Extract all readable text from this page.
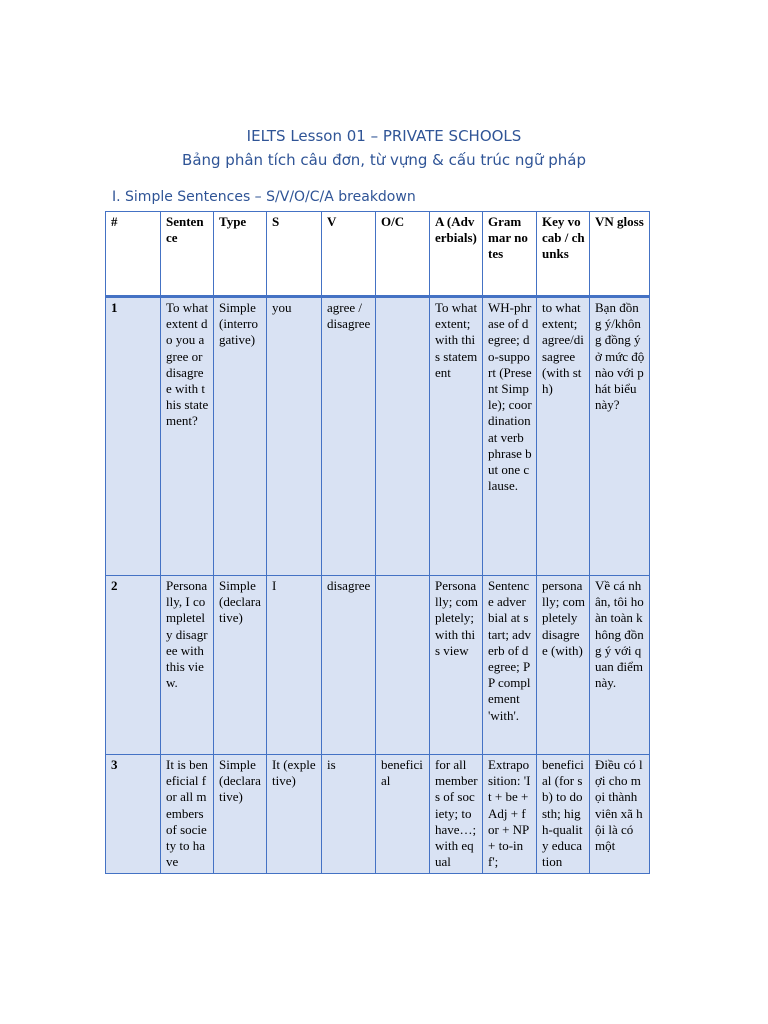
IELTS Lesson 01 – PRIVATE SCHOOLS
Bảng phân tích câu đơn, từ vựng & cấu trúc ngữ pháp
I. Simple Sentences – S/V/O/C/A breakdown
#	Sentence	Type	S	V	O/C	A (Adverbials)	Grammar notes	Key vocab / chunks	VN gloss
1	To what extent do you agree or disagree with this statement?	Simple (interrogative)	you	agree / disagree		To what extent; with this statement	WH-phrase of degree; do-support (Present Simple); coordination at verb phrase but one clause.	to what extent; agree/disagree (with sth)	Bạn đồng ý/không đồng ý ở mức độ nào với phát biểu này?
2	Personally, I completely disagree with this view.	Simple (declarative)	I	disagree		Personally; completely; with this view	Sentence adverbial at start; adverb of degree; PP complement 'with'.	personally; completely disagree (with)	Về cá nhân, tôi hoàn toàn không đồng ý với quan điểm này.
3	It is beneficial for all members of society to have	Simple (declarative)	It (expletive)	is	beneficial	for all members of society; to have…; with equal	Extraposition: 'It + be + Adj + for + NP + to-inf';	beneficial (for sb) to do sth; high-quality education	Điều có lợi cho mọi thành viên xã hội là có một
